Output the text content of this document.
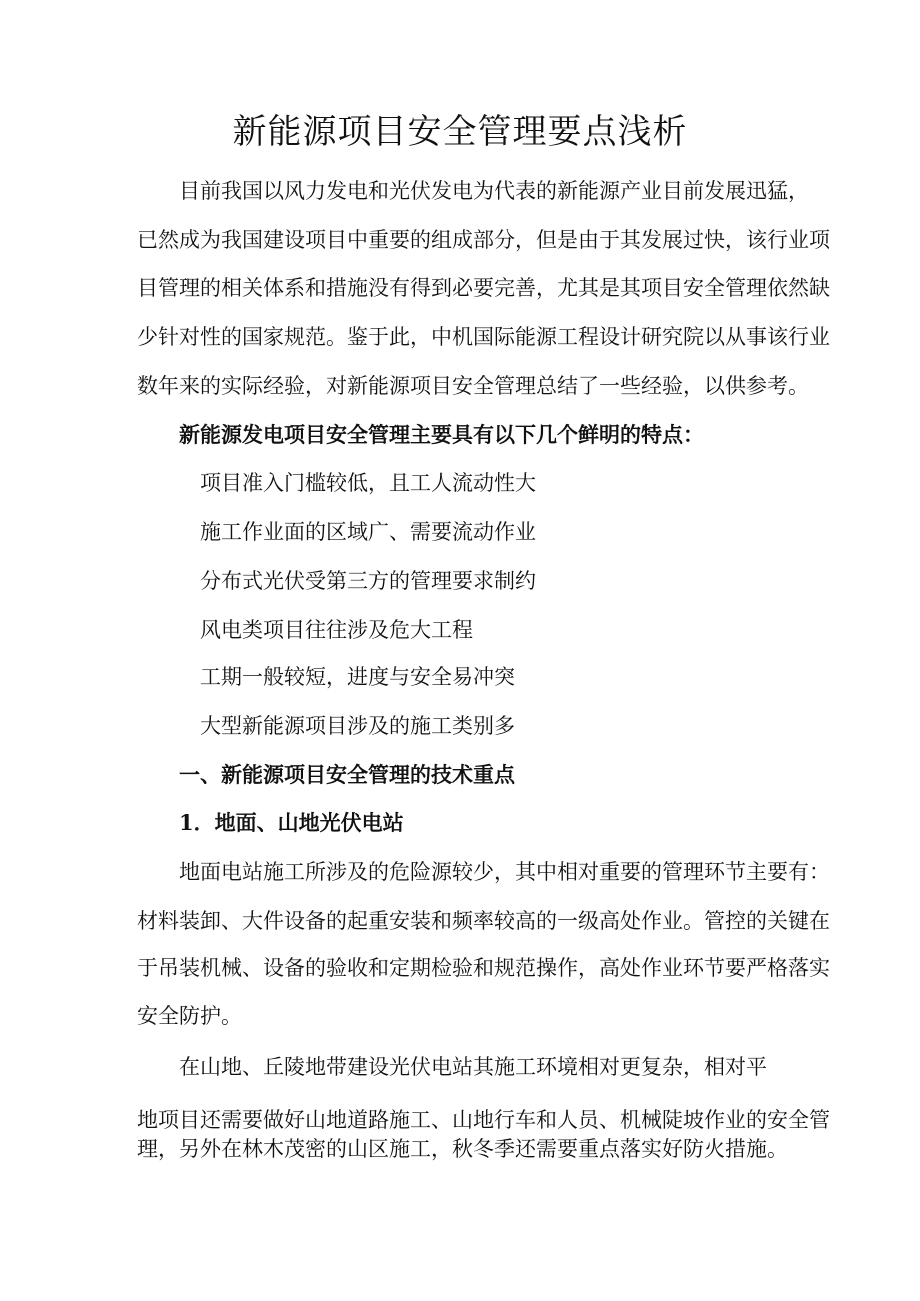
新能源项目安全管理要点浅析

目前我国以风力发电和光伏发电为代表的新能源产业目前发展迅猛，

已然成为我国建设项目中重要的组成部分，但是由于其发展过快，该行业项

目管理的相关体系和措施没有得到必要完善，尤其是其项目安全管理依然缺

少针对性的国家规范。鉴于此，中机国际能源工程设计研究院以从事该行业

数年来的实际经验，对新能源项目安全管理总结了一些经验，以供参考。

新能源发电项目安全管理主要具有以下几个鲜明的特点：

项目准入门槛较低，且工人流动性大

施工作业面的区域广、需要流动作业

分布式光伏受第三方的管理要求制约

风电类项目往往涉及危大工程

工期一般较短，进度与安全易冲突

大型新能源项目涉及的施工类别多

一、新能源项目安全管理的技术重点

1．地面、山地光伏电站

地面电站施工所涉及的危险源较少，其中相对重要的管理环节主要有：

材料装卸、大件设备的起重安装和频率较高的一级高处作业。管控的关键在

于吊装机械、设备的验收和定期检验和规范操作，高处作业环节要严格落实

安全防护。

在山地、丘陵地带建设光伏电站其施工环境相对更复杂，相对平

地项目还需要做好山地道路施工、山地行车和人员、机械陡坡作业的安全管

理，另外在林木茂密的山区施工，秋冬季还需要重点落实好防火措施。
